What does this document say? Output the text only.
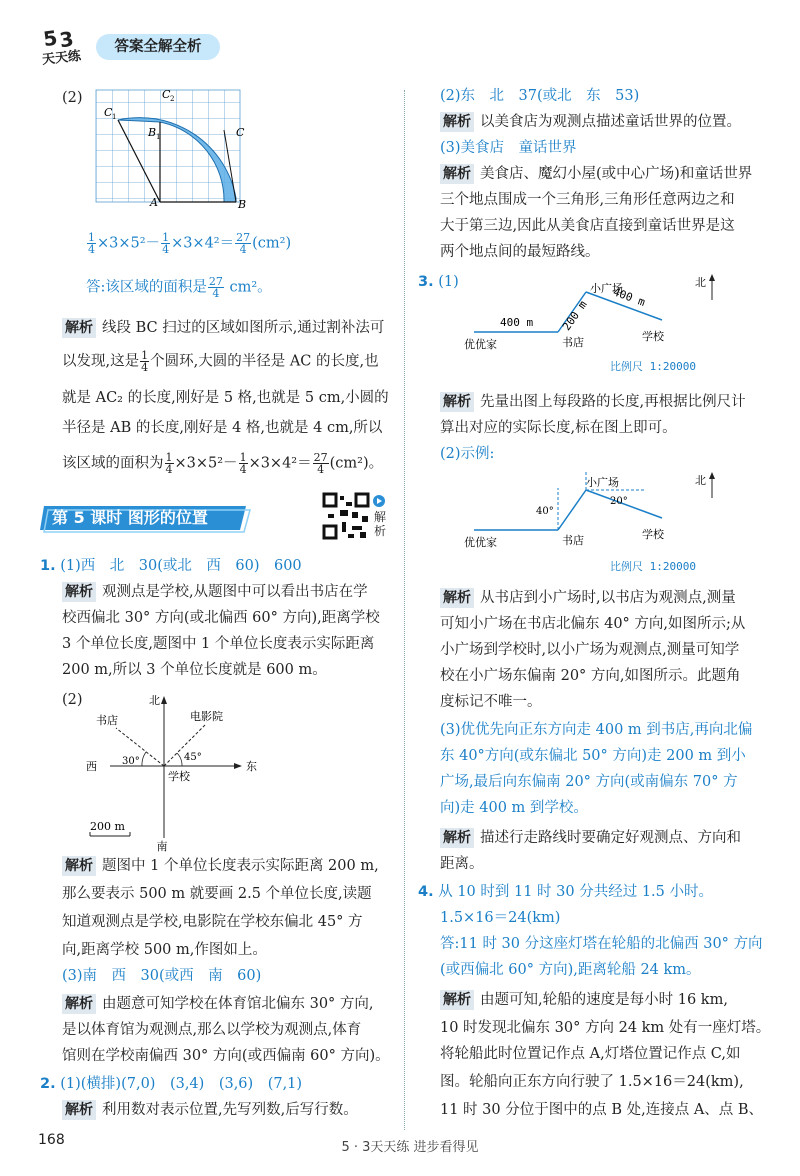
5 3
天天练
答案全解全析
(2)
A	B
C
C 1
C 2
B 1
$\frac{1}{4} \times 3\times 5^2- \frac{1}{4} \times 3\times 4^2= \frac{27}{4} (cm^2)$
答:该区域的面积是 $\frac{27}{4} cm^2$。
解析 线段 BC 扫过的区域如图所示,通过割补法可
以发现,这是 $\frac{1}{4}$ 个圆环,大圆的半径是 AC 的长度,也
就是 AC₂ 的长度,刚好是 5 格,也就是 5 cm,小圆的
半径是 AB 的长度,刚好是 4 格,也就是 4 cm,所以
该区域的面积为 $\frac{1}{4} \times 3\times 5^2- \frac{1}{4} \times 3\times 4^2= \frac{27}{4} (cm^2)$。
第 5 课时 图形的位置	解析
1. (1)西　北　30(或北　西　60)　600
解析 观测点是学校,从题图中可以看出书店在学
校西偏北 30° 方向(或北偏西 60° 方向),距离学校
3 个单位长度,题图中 1 个单位长度表示实际距离
200 m,所以 3 个单位长度就是 600 m。
(2)	北
南
东
西
书店	电影院
学校
30°	45°
200 m
解析 题图中 1 个单位长度表示实际距离 200 m,
那么要表示 500 m 就要画 2.5 个单位长度,读题
知道观测点是学校,电影院在学校东偏北 45° 方
向,距离学校 500 m,作图如上。
(3)南　西　30(或西　南　60)
解析 由题意可知学校在体育馆北偏东 30° 方向,
是以体育馆为观测点,那么以学校为观测点,体育
馆则在学校南偏西 30° 方向(或西偏南 60° 方向)。
2. (1)(横排)(7,0)　(3,4)　(3,6)　(7,1)
解析 利用数对表示位置,先写列数,后写行数。
(2)东　北　37(或北　东　53)
解析 以美食店为观测点描述童话世界的位置。
(3)美食店　童话世界
解析 美食店、魔幻小屋(或中心广场)和童话世界
三个地点围成一个三角形,三角形任意两边之和
大于第三边,因此从美食店直接到童话世界是这
两个地点间的最短路线。
3. (1)	北
小广场
优优家	书店	学校
400 m 200 m
400 m
比例尺 1:20000
解析 先量出图上每段路的长度,再根据比例尺计
算出对应的实际长度,标在图上即可。
(2)示例:
北
小广场
优优家	书店	学校
40°
20°
比例尺 1:20000
解析 从书店到小广场时,以书店为观测点,测量
可知小广场在书店北偏东 40° 方向,如图所示;从
小广场到学校时,以小广场为观测点,测量可知学
校在小广场东偏南 20° 方向,如图所示。此题角
度标记不唯一。
(3)优优先向正东方向走 400 m 到书店,再向北偏
东 40°方向(或东偏北 50° 方向)走 200 m 到小
广场,最后向东偏南 20° 方向(或南偏东 70° 方
向)走 400 m 到学校。
解析 描述行走路线时要确定好观测点、方向和
距离。
4. 从 10 时到 11 时 30 分共经过 1.5 小时。
1.5×16＝24(km)
答:11 时 30 分这座灯塔在轮船的北偏西 30° 方向
(或西偏北 60° 方向),距离轮船 24 km。
解析 由题可知,轮船的速度是每小时 16 km,
10 时发现北偏东 30° 方向 24 km 处有一座灯塔。
将轮船此时位置记作点 A,灯塔位置记作点 C,如
图。轮船向正东方向行驶了 1.5×16＝24(km),
11 时 30 分位于图中的点 B 处,连接点 A、点 B、
168	5 · 3天天练 进步看得见
